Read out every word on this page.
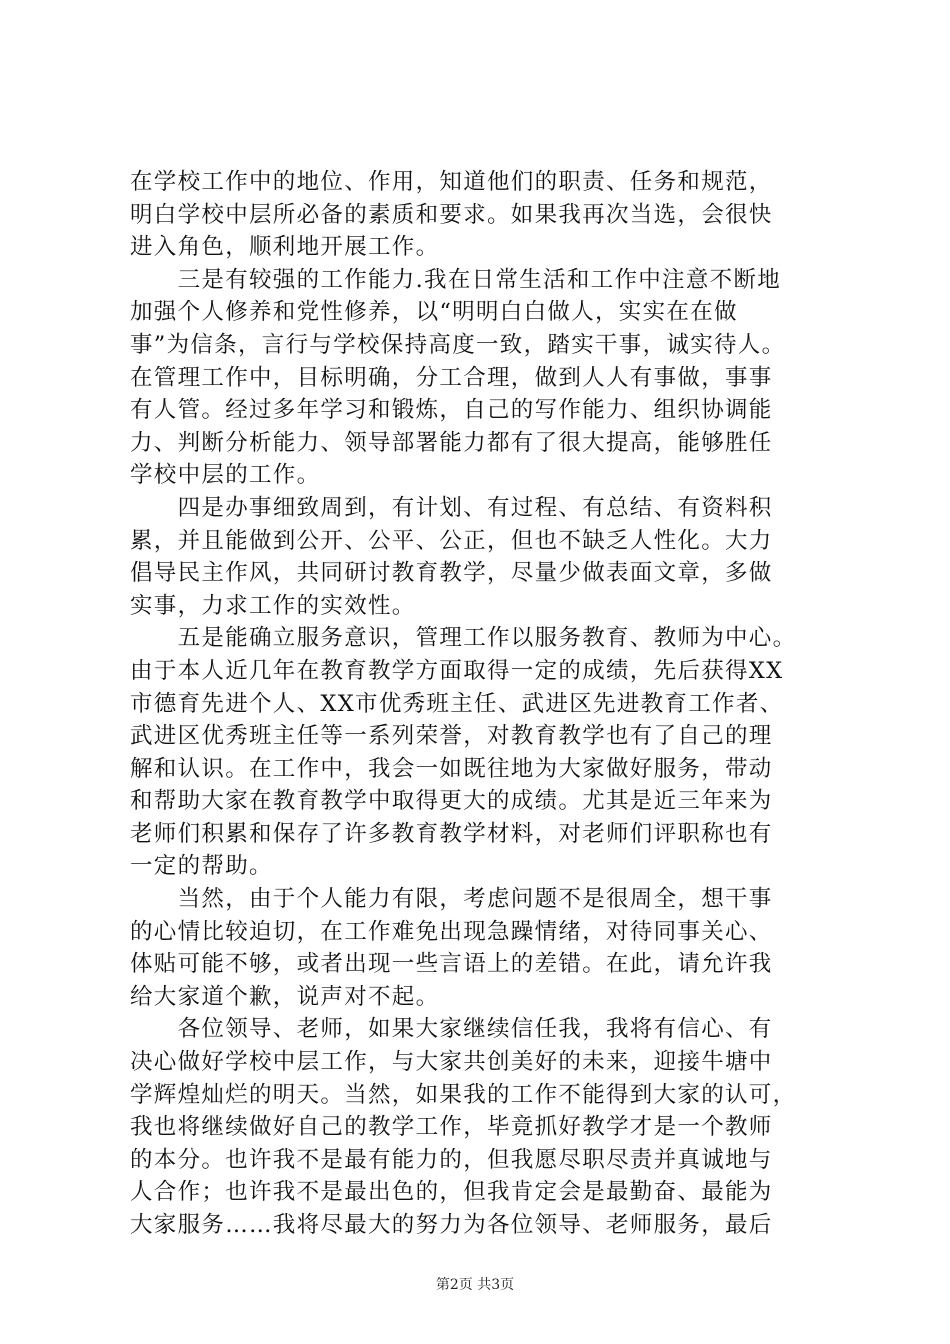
在学校工作中的地位、作用，知道他们的职责、任务和规范，
明白学校中层所必备的素质和要求。如果我再次当选，会很快
进入角色，顺利地开展工作。
　　三是有较强的工作能力.我在日常生活和工作中注意不断地
加强个人修养和党性修养，以“明明白白做人，实实在在做
事”为信条，言行与学校保持高度一致，踏实干事，诚实待人。
在管理工作中，目标明确，分工合理，做到人人有事做，事事
有人管。经过多年学习和锻炼，自己的写作能力、组织协调能
力、判断分析能力、领导部署能力都有了很大提高，能够胜任
学校中层的工作。
　　四是办事细致周到，有计划、有过程、有总结、有资料积
累，并且能做到公开、公平、公正，但也不缺乏人性化。大力
倡导民主作风，共同研讨教育教学，尽量少做表面文章，多做
实事，力求工作的实效性。
　　五是能确立服务意识，管理工作以服务教育、教师为中心。
由于本人近几年在教育教学方面取得一定的成绩，先后获得XX
市德育先进个人、XX市优秀班主任、武进区先进教育工作者、
武进区优秀班主任等一系列荣誉，对教育教学也有了自己的理
解和认识。在工作中，我会一如既往地为大家做好服务，带动
和帮助大家在教育教学中取得更大的成绩。尤其是近三年来为
老师们积累和保存了许多教育教学材料，对老师们评职称也有
一定的帮助。
　　当然，由于个人能力有限，考虑问题不是很周全，想干事
的心情比较迫切，在工作难免出现急躁情绪，对待同事关心、
体贴可能不够，或者出现一些言语上的差错。在此，请允许我
给大家道个歉，说声对不起。
　　各位领导、老师，如果大家继续信任我，我将有信心、有
决心做好学校中层工作，与大家共创美好的未来，迎接牛塘中
学辉煌灿烂的明天。当然，如果我的工作不能得到大家的认可，
我也将继续做好自己的教学工作，毕竟抓好教学才是一个教师
的本分。也许我不是最有能力的，但我愿尽职尽责并真诚地与
人合作；也许我不是最出色的，但我肯定会是最勤奋、最能为
大家服务……我将尽最大的努力为各位领导、老师服务，最后
第2页 共3页
